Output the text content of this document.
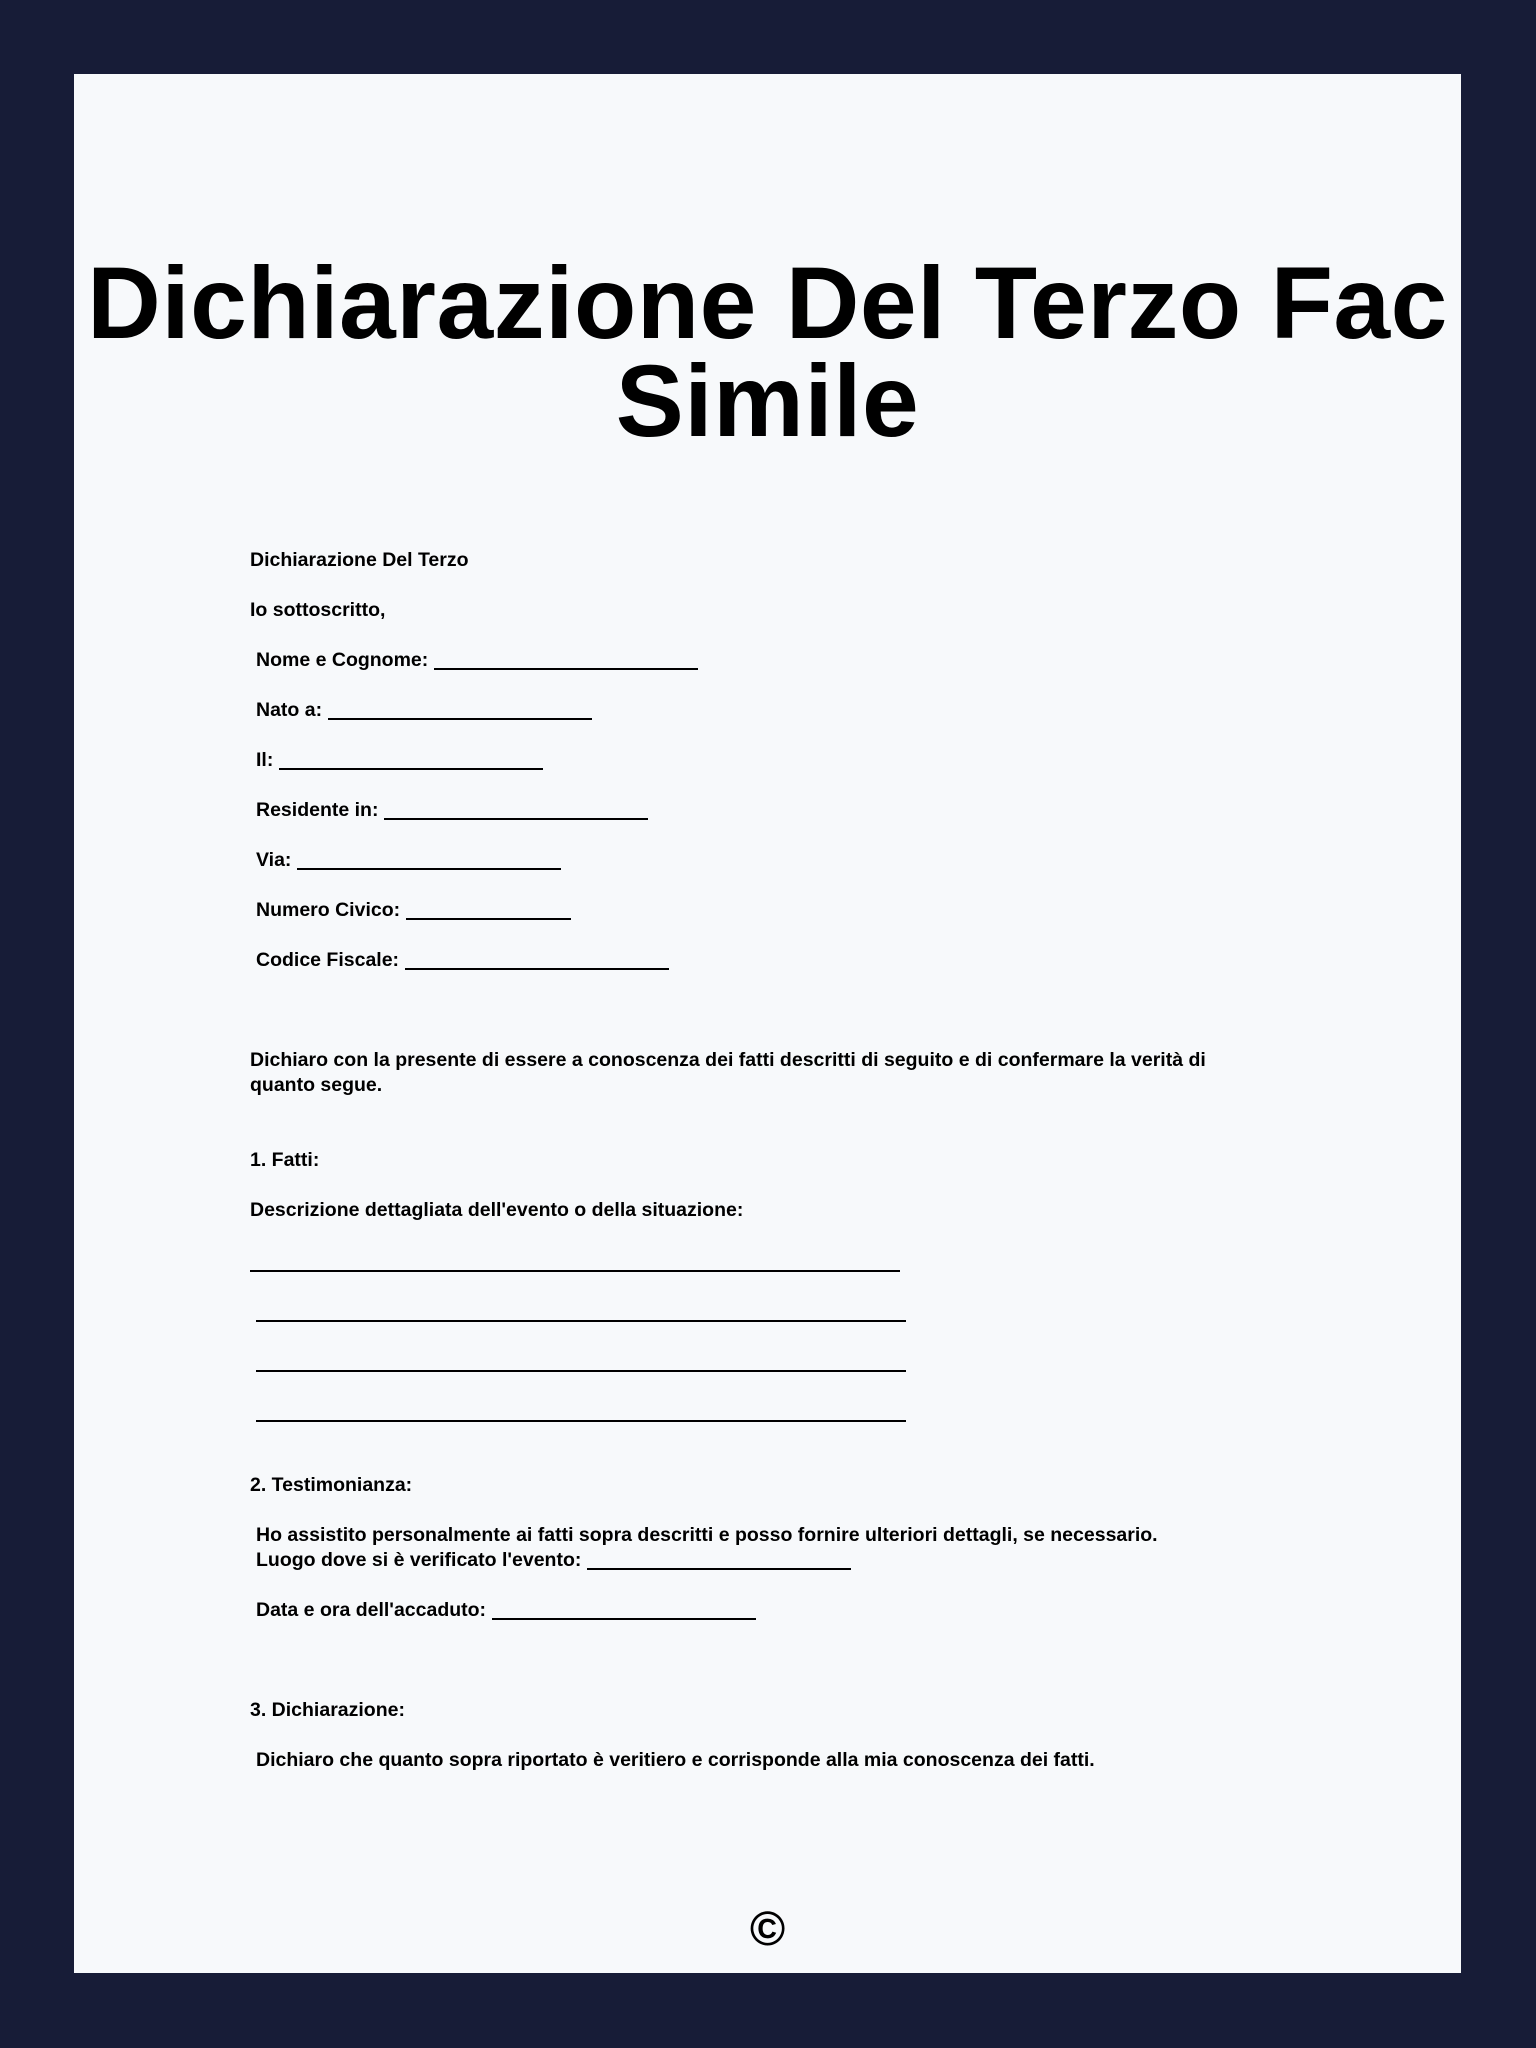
Dichiarazione Del Terzo Fac Simile

Dichiarazione Del Terzo

Io sottoscritto,

Nome e Cognome:

Nato a:

Il:

Residente in:

Via:

Numero Civico:

Codice Fiscale:

Dichiaro con la presente di essere a conoscenza dei fatti descritti di seguito e di confermare la verità di quanto segue.

1. Fatti:

Descrizione dettagliata dell'evento o della situazione:

2. Testimonianza:

Ho assistito personalmente ai fatti sopra descritti e posso fornire ulteriori dettagli, se necessario.

Luogo dove si è verificato l'evento:

Data e ora dell'accaduto:

3. Dichiarazione:

Dichiaro che quanto sopra riportato è veritiero e corrisponde alla mia conoscenza dei fatti.

©
